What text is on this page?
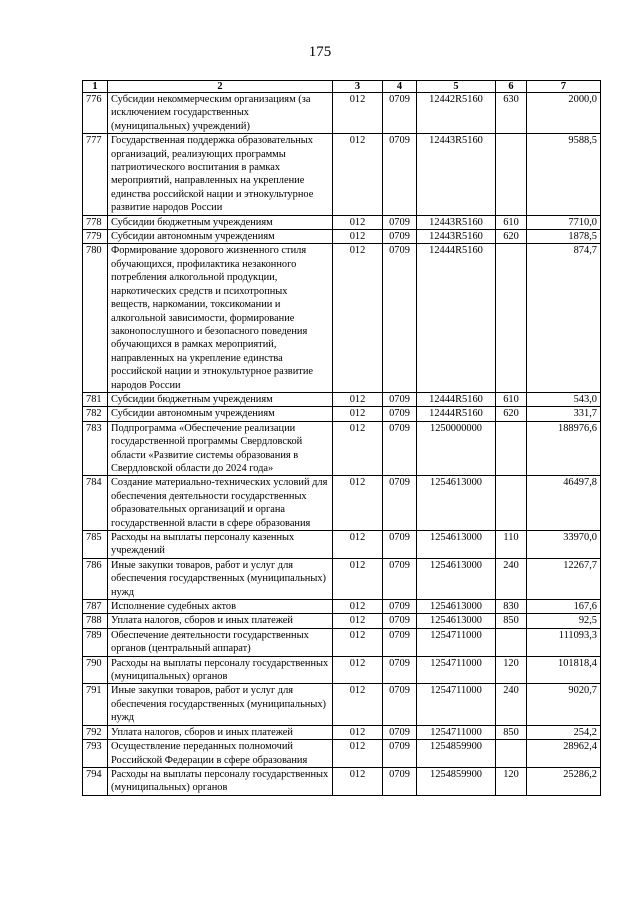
175
1	2	3	4	5	6	7
776	Субсидии некоммерческим организациям (за исключением государственных (муниципальных) учреждений)	012	0709	12442R5160	630	2000,0
777	Государственная поддержка образовательных организаций, реализующих программы патриотического воспитания в рамках мероприятий, направленных на укрепление единства российской нации и этнокультурное развитие народов России	012	0709	12443R5160		9588,5
778	Субсидии бюджетным учреждениям	012	0709	12443R5160	610	7710,0
779	Субсидии автономным учреждениям	012	0709	12443R5160	620	1878,5
780	Формирование здорового жизненного стиля обучающихся, профилактика незаконного потребления алкогольной продукции, наркотических средств и психотропных веществ, наркомании, токсикомании и алкогольной зависимости, формирование законопослушного и безопасного поведения обучающихся в рамках мероприятий, направленных на укрепление единства российской нации и этнокультурное развитие народов России	012	0709	12444R5160		874,7
781	Субсидии бюджетным учреждениям	012	0709	12444R5160	610	543,0
782	Субсидии автономным учреждениям	012	0709	12444R5160	620	331,7
783	Подпрограмма «Обеспечение реализации государственной программы Свердловской области «Развитие системы образования в Свердловской области до 2024 года»	012	0709	1250000000		188976,6
784	Создание материально-технических условий для обеспечения деятельности государственных образовательных организаций и органа государственной власти в сфере образования	012	0709	1254613000		46497,8
785	Расходы на выплаты персоналу казенных учреждений	012	0709	1254613000	110	33970,0
786	Иные закупки товаров, работ и услуг для обеспечения государственных (муниципальных) нужд	012	0709	1254613000	240	12267,7
787	Исполнение судебных актов	012	0709	1254613000	830	167,6
788	Уплата налогов, сборов и иных платежей	012	0709	1254613000	850	92,5
789	Обеспечение деятельности государственных органов (центральный аппарат)	012	0709	1254711000		111093,3
790	Расходы на выплаты персоналу государственных (муниципальных) органов	012	0709	1254711000	120	101818,4
791	Иные закупки товаров, работ и услуг для обеспечения государственных (муниципальных) нужд	012	0709	1254711000	240	9020,7
792	Уплата налогов, сборов и иных платежей	012	0709	1254711000	850	254,2
793	Осуществление переданных полномочий Российской Федерации в сфере образования	012	0709	1254859900		28962,4
794	Расходы на выплаты персоналу государственных (муниципальных) органов	012	0709	1254859900	120	25286,2
